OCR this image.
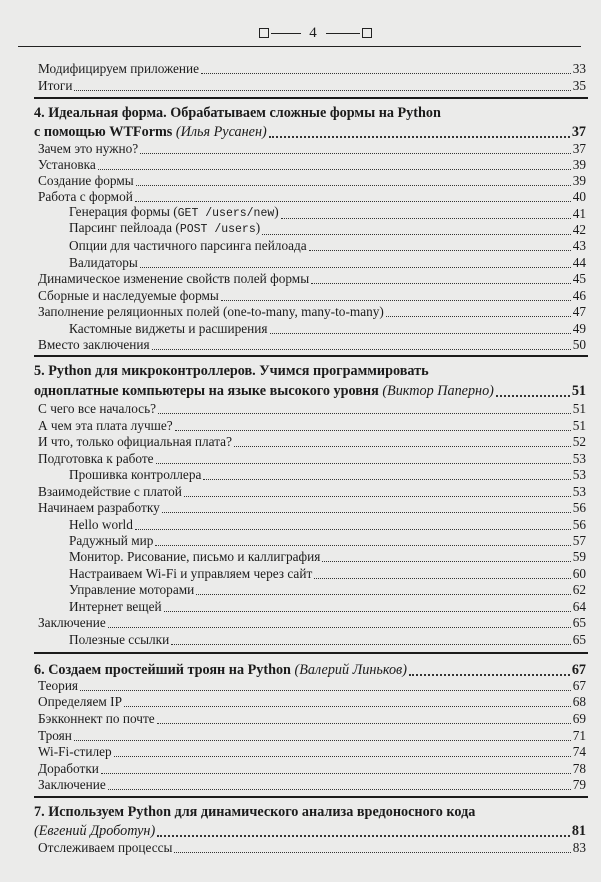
4
Модифицируем приложение	33
Итоги	35
4. Идеальная форма. Обрабатываем сложные формы на Python
с помощью WTForms (Илья Русанен)	37
Зачем это нужно?	37
Установка	39
Создание формы	39
Работа с формой	40
Генерация формы (GET /users/new)	41
Парсинг пейлоада (POST /users)	42
Опции для частичного парсинга пейлоада	43
Валидаторы	44
Динамическое изменение свойств полей формы	45
Сборные и наследуемые формы	46
Заполнение реляционных полей (one-to-many, many-to-many)	47
Кастомные виджеты и расширения	49
Вместо заключения	50
5. Python для микроконтроллеров. Учимся программировать
одноплатные компьютеры на языке высокого уровня (Виктор Паперно)	51
С чего все началось?	51
А чем эта плата лучше?	51
И что, только официальная плата?	52
Подготовка к работе	53
Прошивка контроллера	53
Взаимодействие с платой	53
Начинаем разработку	56
Hello world	56
Радужный мир	57
Монитор. Рисование, письмо и каллиграфия	59
Настраиваем Wi-Fi и управляем через сайт	60
Управление моторами	62
Интернет вещей	64
Заключение	65
Полезные ссылки	65
6. Создаем простейший троян на Python (Валерий Линьков)	67
Теория	67
Определяем IP	68
Бэкконнект по почте	69
Троян	71
Wi-Fi-стилер	74
Доработки	78
Заключение	79
7. Используем Python для динамического анализа вредоносного кода
(Евгений Дроботун)	81
Отслеживаем процессы	83
